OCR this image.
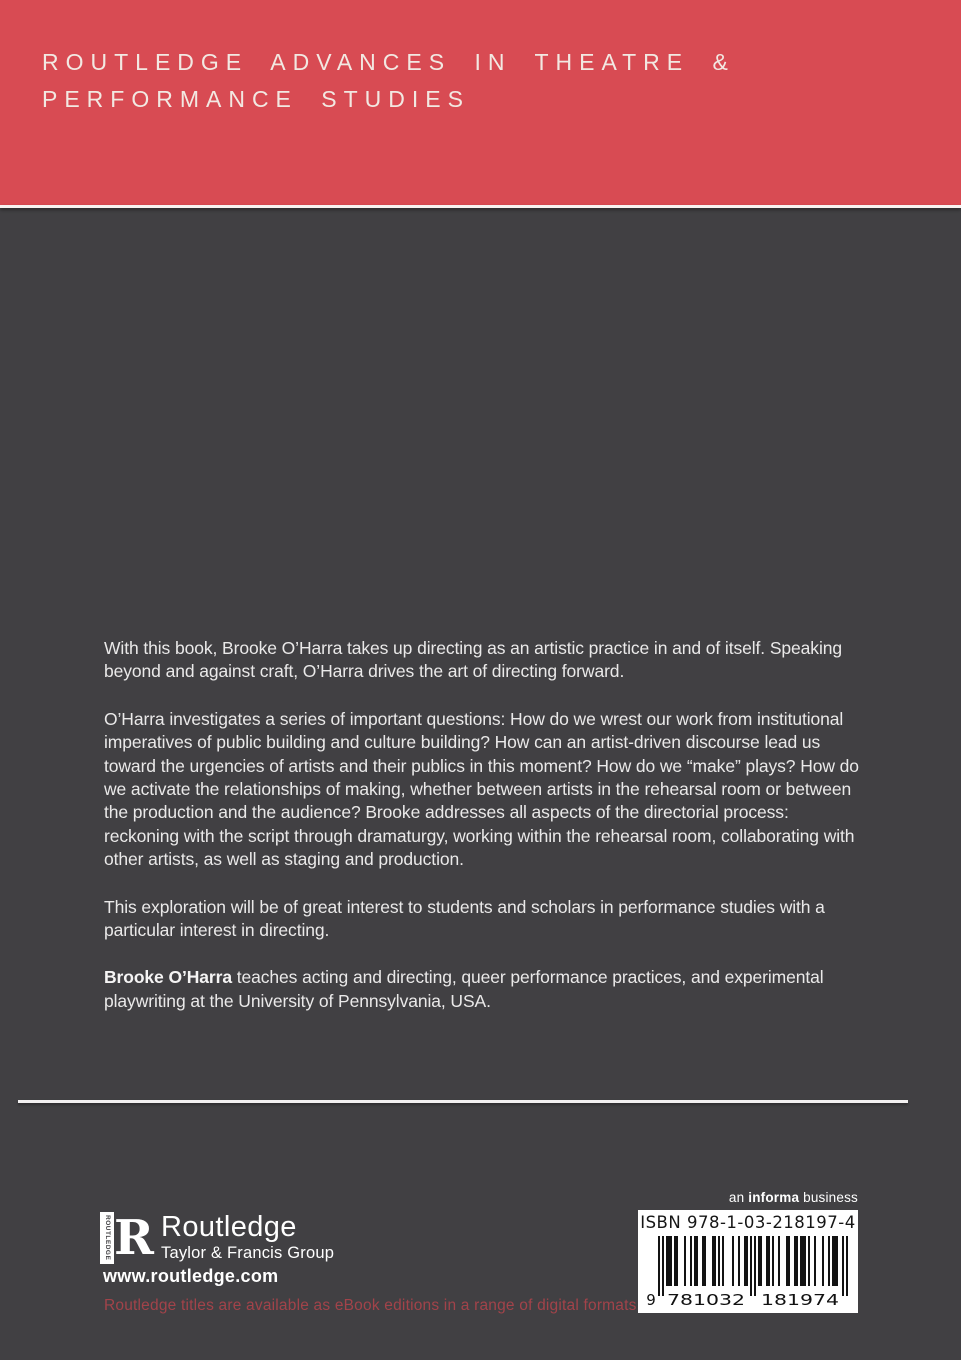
ROUTLEDGE ADVANCES IN THEATRE &
PERFORMANCE STUDIES

With this book, Brooke O’Harra takes up directing as an artistic practice in and of itself. Speaking beyond and against craft, O’Harra drives the art of directing forward.

O’Harra investigates a series of important questions: How do we wrest our work from institutional imperatives of public building and culture building? How can an artist-driven discourse lead us toward the urgencies of artists and their publics in this moment? How do we “make” plays? How do we activate the relationships of making, whether between artists in the rehearsal room or between the production and the audience? Brooke addresses all aspects of the directorial process: reckoning with the script through dramaturgy, working within the rehearsal room, collaborating with other artists, as well as staging and production.

This exploration will be of great interest to students and scholars in performance studies with a particular interest in directing.

Brooke O’Harra teaches acting and directing, queer performance practices, and experimental playwriting at the University of Pennsylvania, USA.

ROUTLEDGE R Routledge
Taylor & Francis Group
www.routledge.com
Routledge titles are available as eBook editions in a range of digital formats
an informa business
ISBN 978-1-03-218197-4
9 781032 181974
